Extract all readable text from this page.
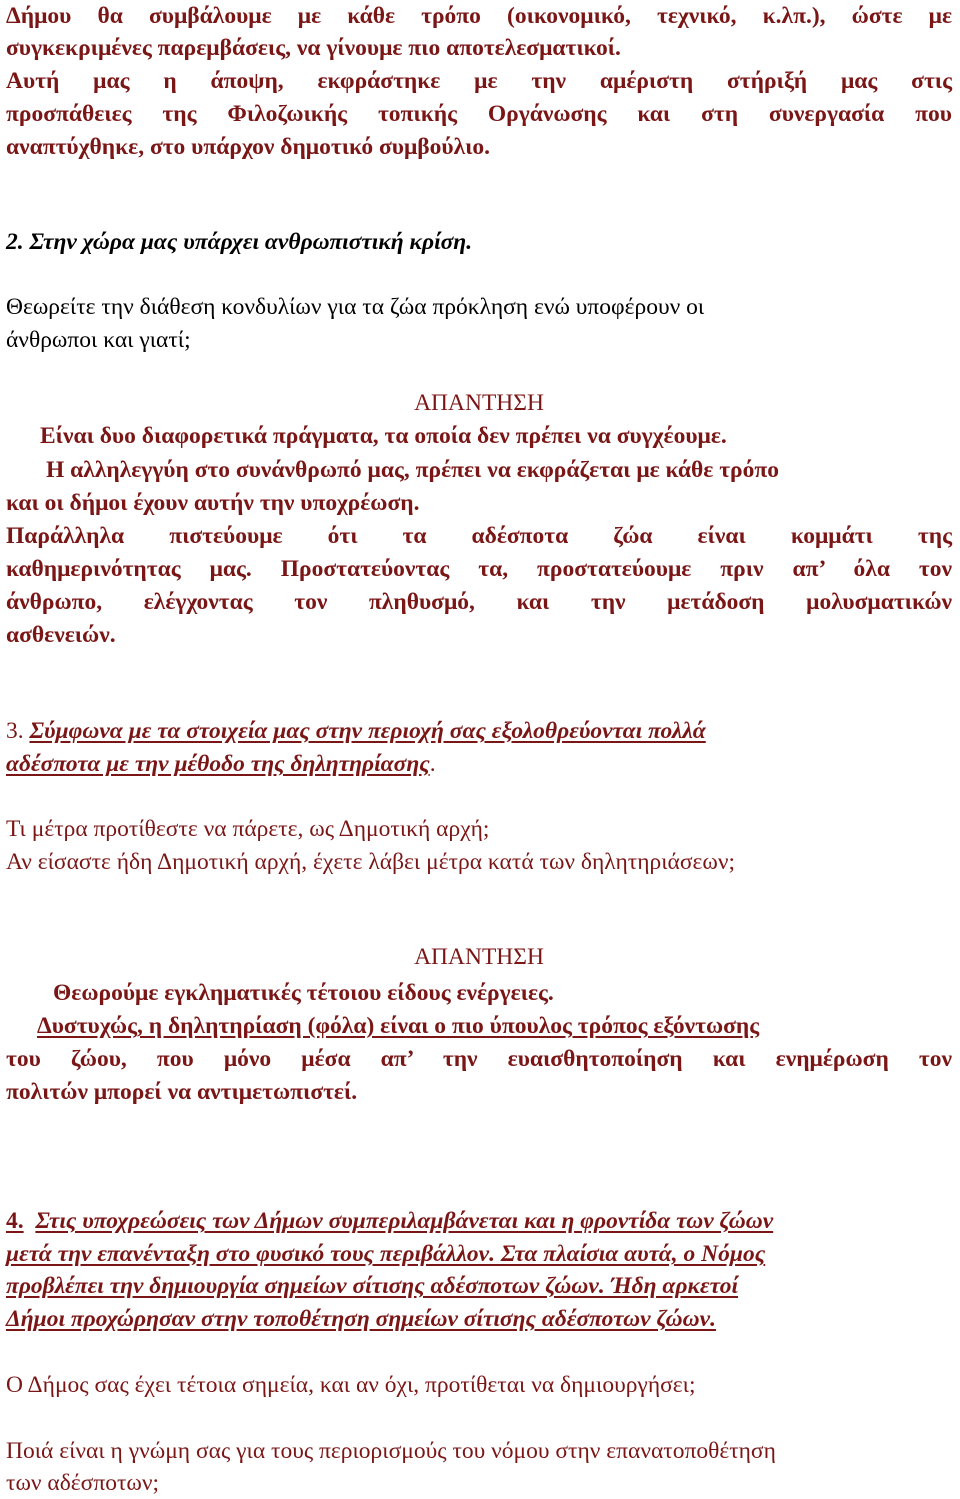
Δήμου θα συμβάλουμε με κάθε τρόπο (οικονομικό, τεχνικό, κ.λπ.), ώστε με

συγκεκριμένες παρεμβάσεις, να γίνουμε πιο αποτελεσματικοί.

Αυτή μας η άποψη, εκφράστηκε με την αμέριστη στήριξή μας στις

προσπάθειες της Φιλοζωικής τοπικής Οργάνωσης και στη συνεργασία που

αναπτύχθηκε, στο υπάρχον δημοτικό συμβούλιο.

2. Στην χώρα μας υπάρχει ανθρωπιστική κρίση.

Θεωρείτε την διάθεση κονδυλίων για τα ζώα πρόκληση ενώ υποφέρουν οι

άνθρωποι και γιατί;

ΑΠΑΝΤΗΣΗ

Είναι δυο διαφορετικά πράγματα, τα οποία δεν πρέπει να συγχέουμε.

Η αλληλεγγύη στο συνάνθρωπό μας, πρέπει να εκφράζεται με κάθε τρόπο

και οι δήμοι έχουν αυτήν την υποχρέωση.

Παράλληλα πιστεύουμε ότι τα αδέσποτα ζώα είναι κομμάτι της

καθημερινότητας μας. Προστατεύοντας τα, προστατεύουμε πριν απ’ όλα τον

άνθρωπο, ελέγχοντας τον πληθυσμό, και την μετάδοση μολυσματικών

ασθενειών.

3. Σύμφωνα με τα στοιχεία μας στην περιοχή σας εξολοθρεύονται πολλά

αδέσποτα με την μέθοδο της δηλητηρίασης.

Τι μέτρα προτίθεστε να πάρετε, ως Δημοτική αρχή;

Αν είσαστε ήδη Δημοτική αρχή, έχετε λάβει μέτρα κατά των δηλητηριάσεων;

ΑΠΑΝΤΗΣΗ

Θεωρούμε εγκληματικές τέτοιου είδους ενέργειες.

Δυστυχώς, η δηλητηρίαση (φόλα) είναι ο πιο ύπουλος τρόπος εξόντωσης

του ζώου, που μόνο μέσα απ’ την ευαισθητοποίηση και ενημέρωση τον

πολιτών μπορεί να αντιμετωπιστεί.

4. Στις υποχρεώσεις των Δήμων συμπεριλαμβάνεται και η φροντίδα των ζώων

μετά την επανένταξη στο φυσικό τους περιβάλλον. Στα πλαίσια αυτά, ο Νόμος

προβλέπει την δημιουργία σημείων σίτισης αδέσποτων ζώων. Ήδη αρκετοί

Δήμοι προχώρησαν στην τοποθέτηση σημείων σίτισης αδέσποτων ζώων.

Ο Δήμος σας έχει τέτοια σημεία, και αν όχι, προτίθεται να δημιουργήσει;

Ποιά είναι η γνώμη σας για τους περιορισμούς του νόμου στην επανατοποθέτηση

των αδέσποτων;
